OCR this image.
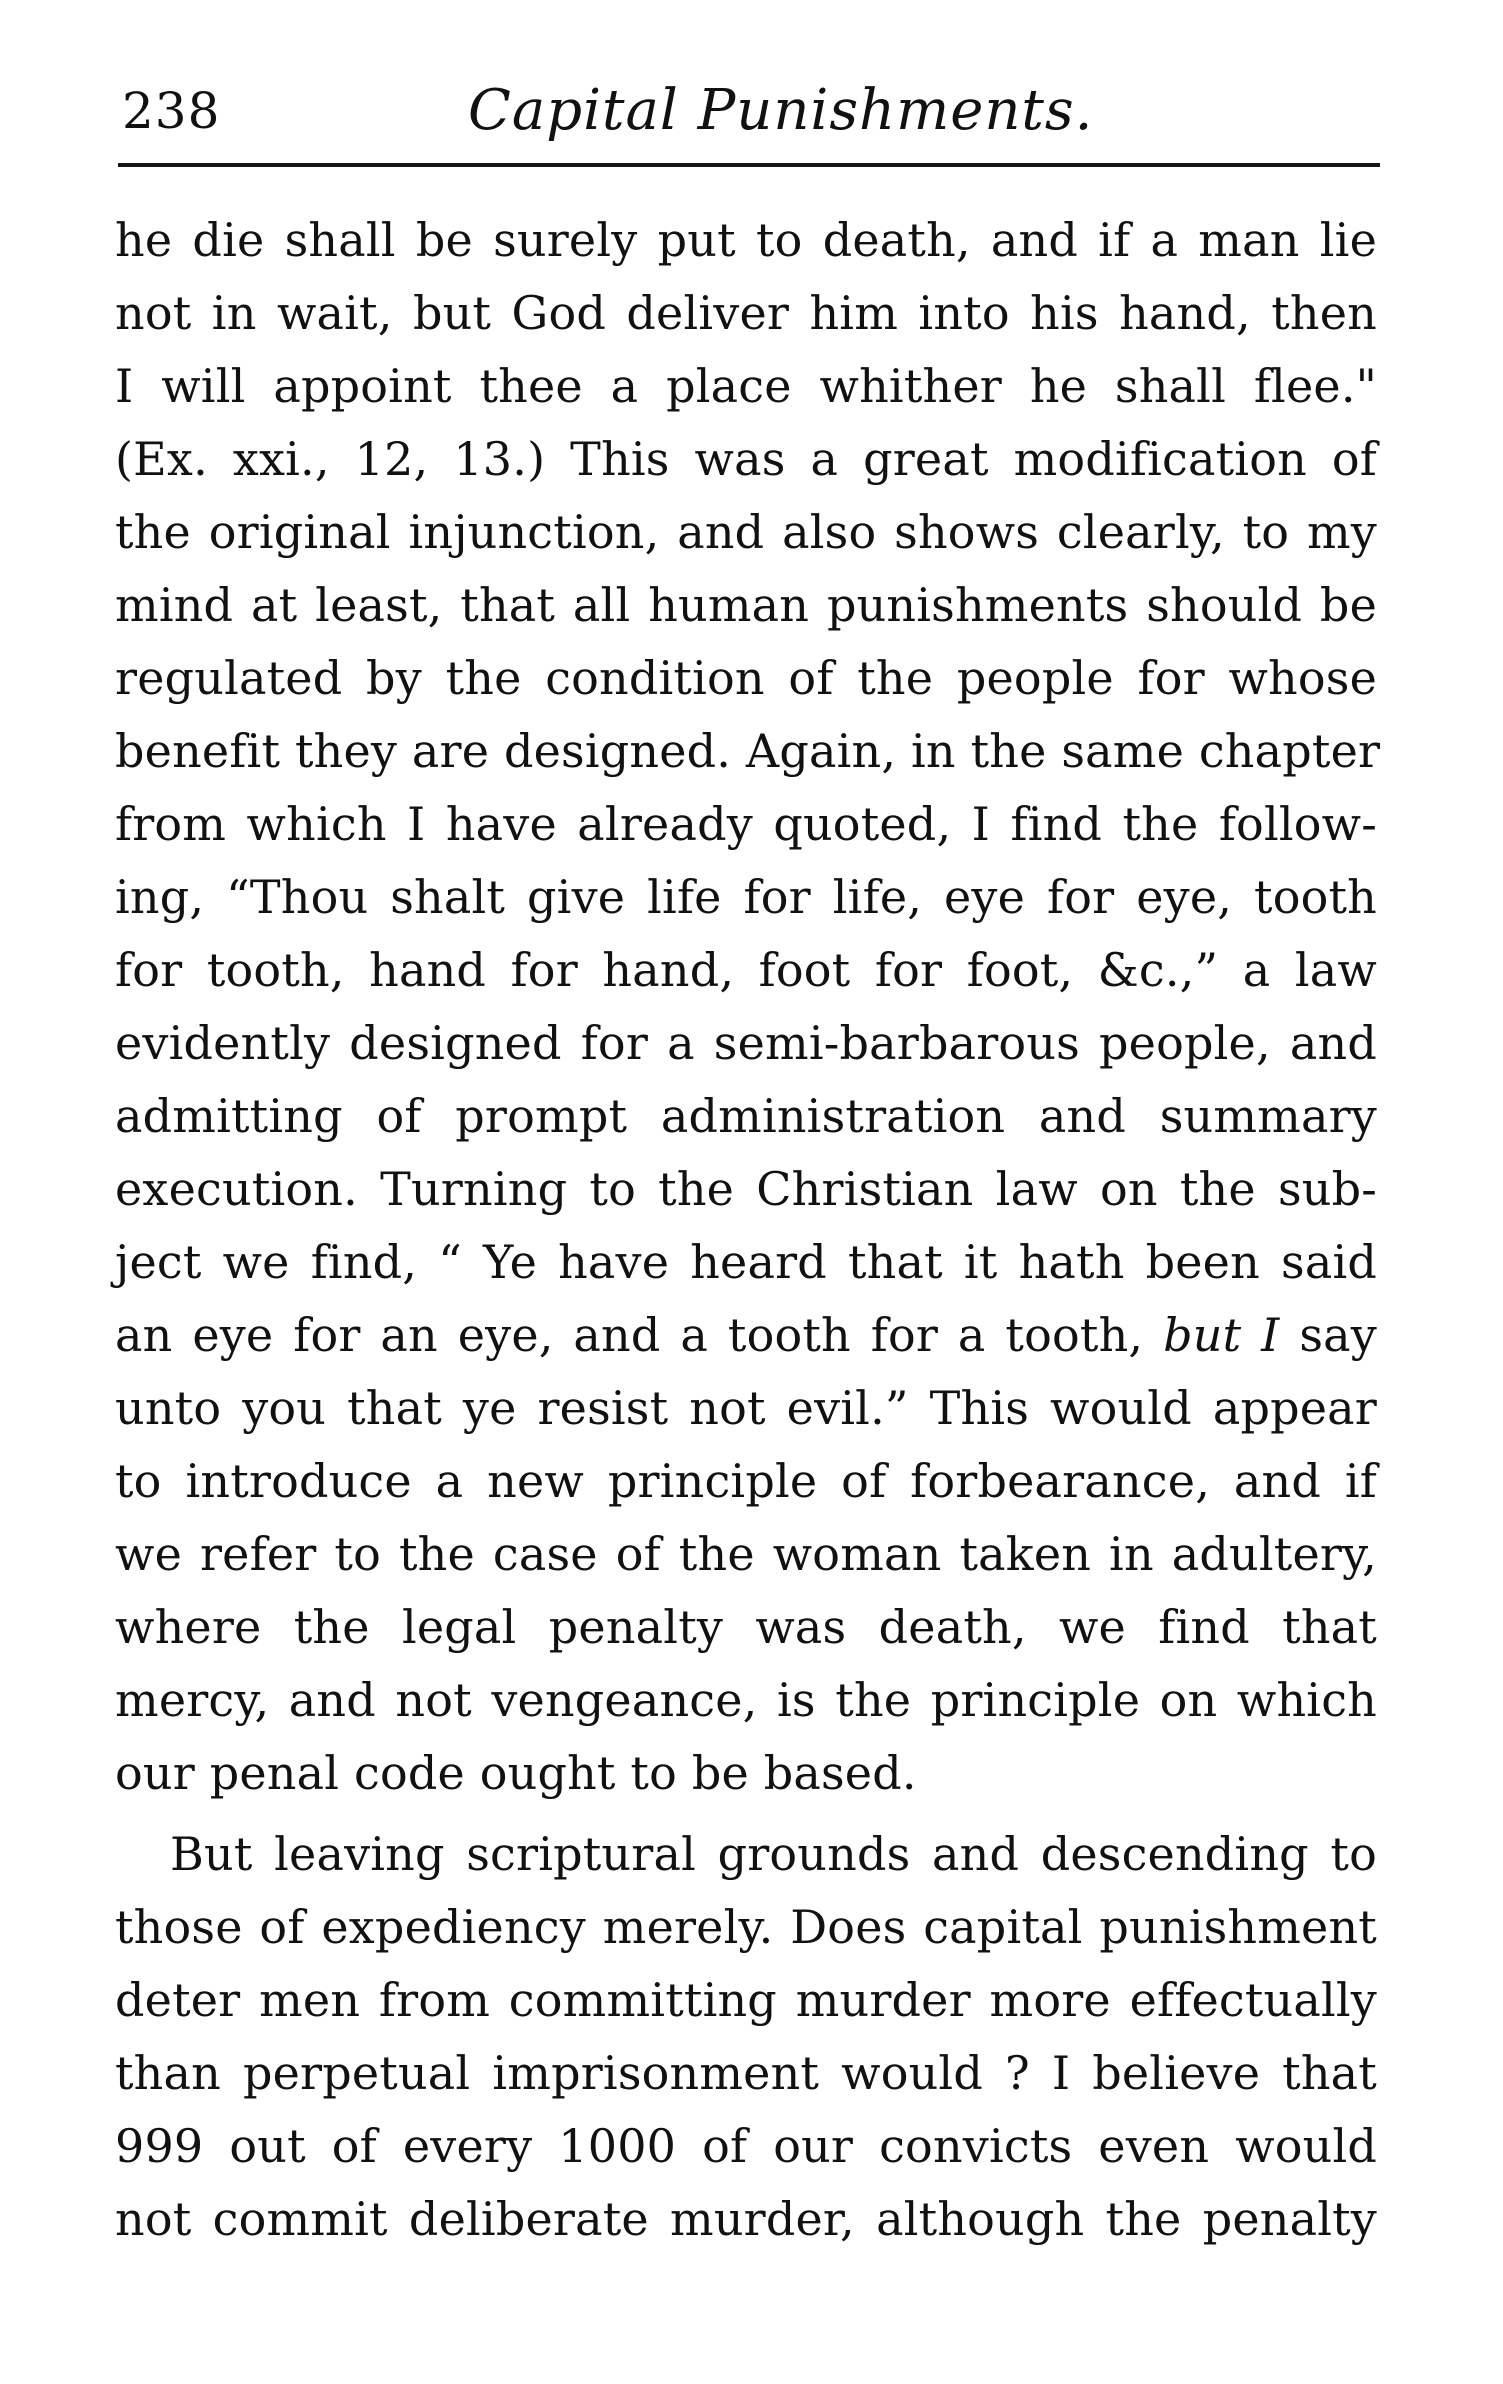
238	Capital Punishments.
he die shall be surely put to death, and if a man lie
not in wait, but God deliver him into his hand, then
I will appoint thee a place whither he shall flee."
(Ex. xxi., 12, 13.) This was a great modification of
the original injunction, and also shows clearly, to my
mind at least, that all human punishments should be
regulated by the condition of the people for whose
benefit they are designed. Again, in the same chapter
from which I have already quoted, I find the follow-
ing, “Thou shalt give life for life, eye for eye, tooth
for tooth, hand for hand, foot for foot, &c.,” a law
evidently designed for a semi-barbarous people, and
admitting of prompt administration and summary
execution. Turning to the Christian law on the sub-
ject we find, “ Ye have heard that it hath been said
an eye for an eye, and a tooth for a tooth, but I say
unto you that ye resist not evil.” This would appear
to introduce a new principle of forbearance, and if
we refer to the case of the woman taken in adultery,
where the legal penalty was death, we find that
mercy, and not vengeance, is the principle on which
our penal code ought to be based.
But leaving scriptural grounds and descending to
those of expediency merely. Does capital punishment
deter men from committing murder more effectually
than perpetual imprisonment would ? I believe that
999 out of every 1000 of our convicts even would
not commit deliberate murder, although the penalty
